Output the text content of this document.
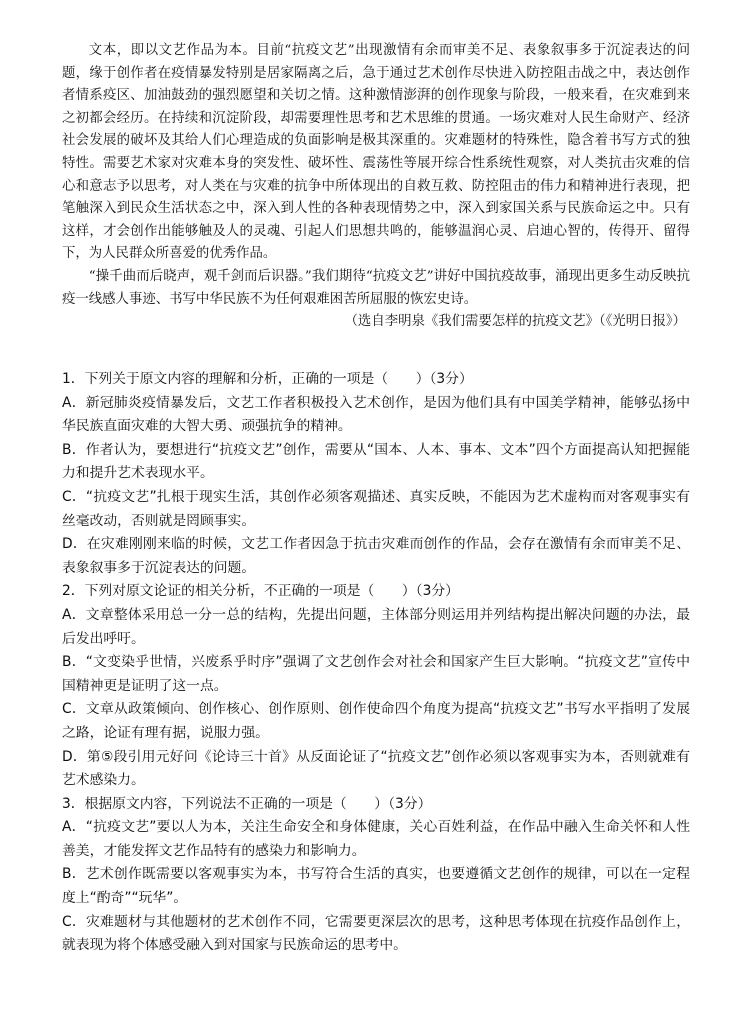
文本，即以文艺作品为本。目前“抗疫文艺”出现激情有余而审美不足、表象叙事多于沉淀表达的问题，缘于创作者在疫情暴发特别是居家隔离之后，急于通过艺术创作尽快进入防控阻击战之中，表达创作者情系疫区、加油鼓劲的强烈愿望和关切之情。这种激情澎湃的创作现象与阶段，一般来看，在灾难到来之初都会经历。在持续和沉淀阶段，却需要理性思考和艺术思维的贯通。一场灾难对人民生命财产、经济社会发展的破坏及其给人们心理造成的负面影响是极其深重的。灾难题材的特殊性，隐含着书写方式的独特性。需要艺术家对灾难本身的突发性、破坏性、震荡性等展开综合性系统性观察，对人类抗击灾难的信心和意志予以思考，对人类在与灾难的抗争中所体现出的自救互救、防控阻击的伟力和精神进行表现，把笔触深入到民众生活状态之中，深入到人性的各种表现情势之中，深入到家国关系与民族命运之中。只有这样，才会创作出能够触及人的灵魂、引起人们思想共鸣的，能够温润心灵、启迪心智的，传得开、留得下，为人民群众所喜爱的优秀作品。

“操千曲而后晓声，观千剑而后识器。”我们期待“抗疫文艺”讲好中国抗疫故事，涌现出更多生动反映抗疫一线感人事迹、书写中华民族不为任何艰难困苦所屈服的恢宏史诗。

（选自李明泉《我们需要怎样的抗疫文艺》（《光明日报》）

1．下列关于原文内容的理解和分析，正确的一项是（　　）（3分）

A．新冠肺炎疫情暴发后，文艺工作者积极投入艺术创作，是因为他们具有中国美学精神，能够弘扬中华民族直面灾难的大智大勇、顽强抗争的精神。

B．作者认为，要想进行“抗疫文艺”创作，需要从“国本、人本、事本、文本”四个方面提高认知把握能力和提升艺术表现水平。

C．“抗疫文艺”扎根于现实生活，其创作必须客观描述、真实反映，不能因为艺术虚构而对客观事实有丝毫改动，否则就是罔顾事实。

D．在灾难刚刚来临的时候，文艺工作者因急于抗击灾难而创作的作品，会存在激情有余而审美不足、表象叙事多于沉淀表达的问题。

2．下列对原文论证的相关分析，不正确的一项是（　　）（3分）

A．文章整体采用总一分一总的结构，先提出问题，主体部分则运用并列结构提出解决问题的办法，最后发出呼吁。

B．“文变染乎世情，兴废系乎时序”强调了文艺创作会对社会和国家产生巨大影响。“抗疫文艺”宣传中国精神更是证明了这一点。

C．文章从政策倾向、创作核心、创作原则、创作使命四个角度为提高“抗疫文艺”书写水平指明了发展之路，论证有理有据，说服力强。

D．第⑤段引用元好问《论诗三十首》从反面论证了“抗疫文艺”创作必须以客观事实为本，否则就难有艺术感染力。

3．根据原文内容，下列说法不正确的一项是（　　）（3分）

A．“抗疫文艺”要以人为本，关注生命安全和身体健康，关心百姓利益，在作品中融入生命关怀和人性善美，才能发挥文艺作品特有的感染力和影响力。

B．艺术创作既需要以客观事实为本，书写符合生活的真实，也要遵循文艺创作的规律，可以在一定程度上“酌奇”“玩华”。

C．灾难题材与其他题材的艺术创作不同，它需要更深层次的思考，这种思考体现在抗疫作品创作上，就表现为将个体感受融入到对国家与民族命运的思考中。
